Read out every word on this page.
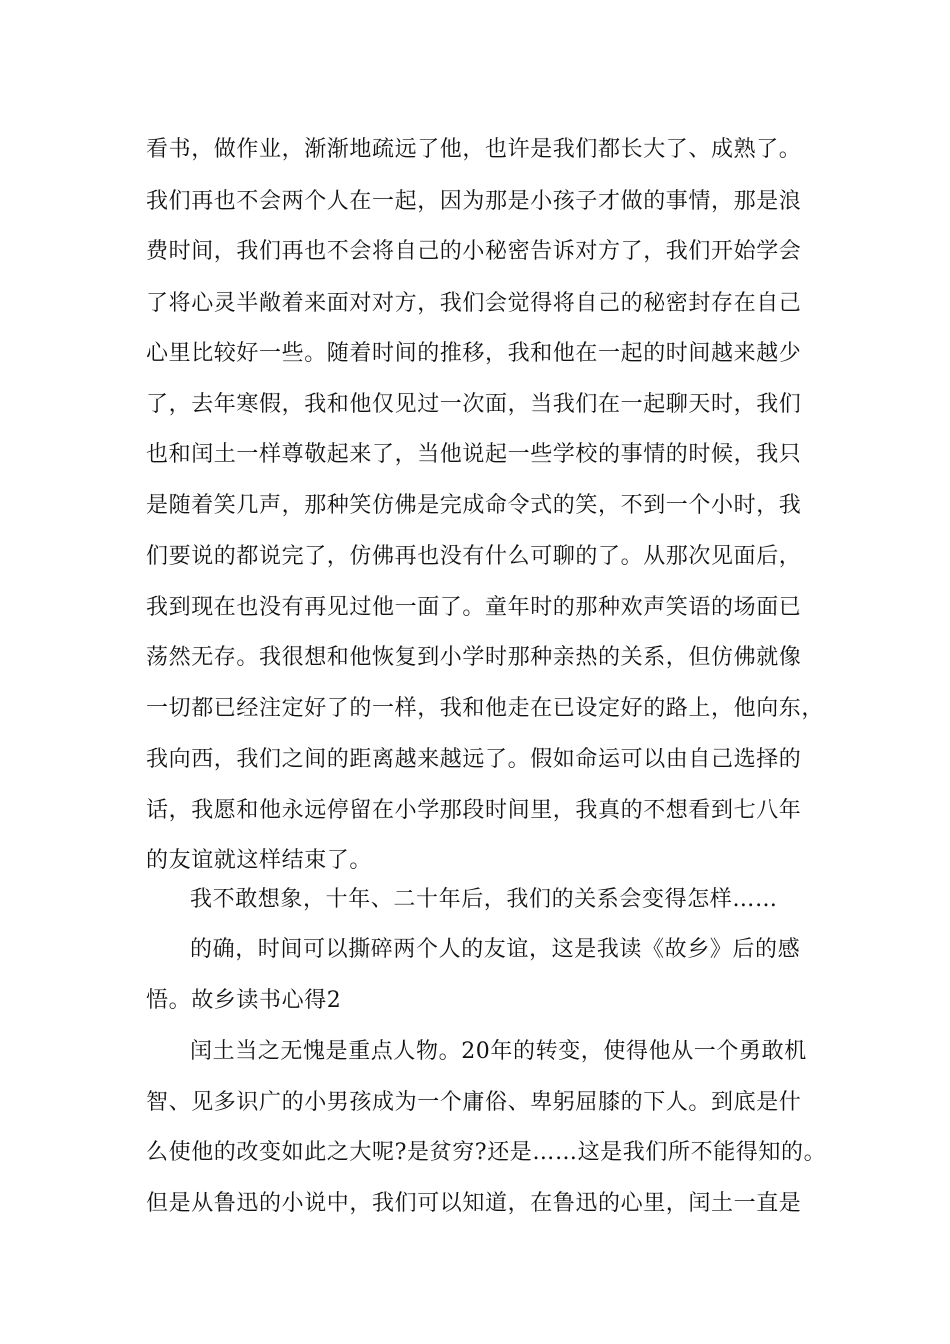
看书，做作业，渐渐地疏远了他，也许是我们都长大了、成熟了。
我们再也不会两个人在一起，因为那是小孩子才做的事情，那是浪
费时间，我们再也不会将自己的小秘密告诉对方了，我们开始学会
了将心灵半敞着来面对对方，我们会觉得将自己的秘密封存在自己
心里比较好一些。随着时间的推移，我和他在一起的时间越来越少
了，去年寒假，我和他仅见过一次面，当我们在一起聊天时，我们
也和闰土一样尊敬起来了，当他说起一些学校的事情的时候，我只
是随着笑几声，那种笑仿佛是完成命令式的笑，不到一个小时，我
们要说的都说完了，仿佛再也没有什么可聊的了。从那次见面后，
我到现在也没有再见过他一面了。童年时的那种欢声笑语的场面已
荡然无存。我很想和他恢复到小学时那种亲热的关系，但仿佛就像
一切都已经注定好了的一样，我和他走在已设定好的路上，他向东，
我向西，我们之间的距离越来越远了。假如命运可以由自己选择的
话，我愿和他永远停留在小学那段时间里，我真的不想看到七八年
的友谊就这样结束了。
我不敢想象，十年、二十年后，我们的关系会变得怎样……
的确，时间可以撕碎两个人的友谊，这是我读《故乡》后的感
悟。故乡读书心得2
闰土当之无愧是重点人物。20年的转变，使得他从一个勇敢机
智、见多识广的小男孩成为一个庸俗、卑躬屈膝的下人。到底是什
么使他的改变如此之大呢?是贫穷?还是……这是我们所不能得知的。
但是从鲁迅的小说中，我们可以知道，在鲁迅的心里，闰土一直是
